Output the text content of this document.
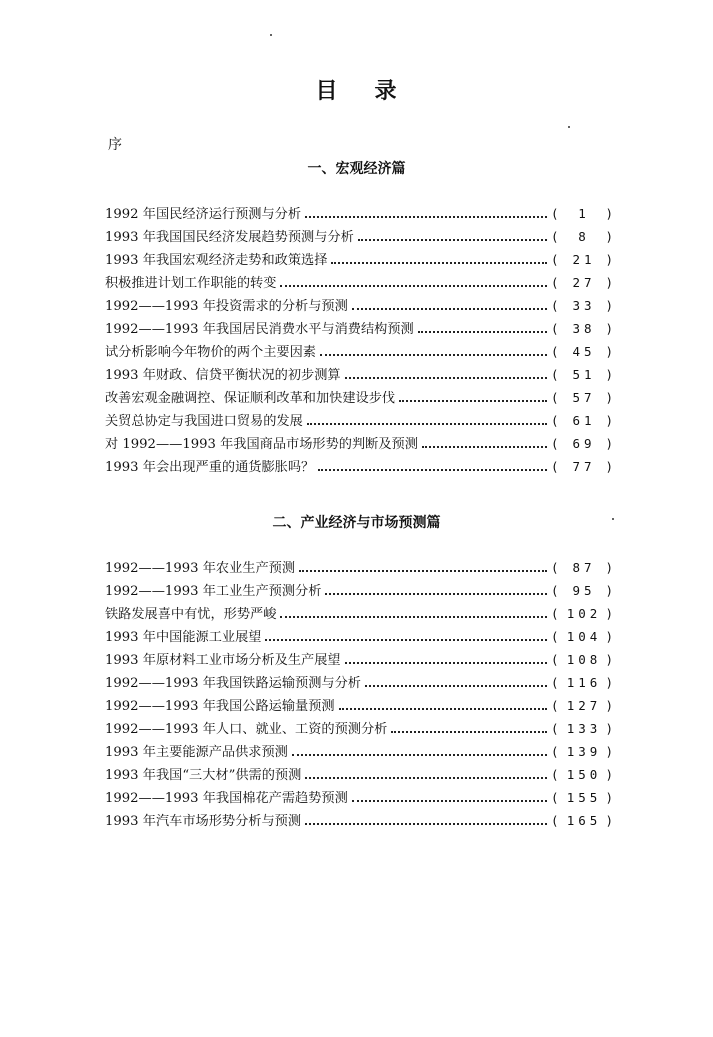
目 录
序
一、宏观经济篇
1992 年国民经济运行预测与分析	(	1 )
1993 年我国国民经济发展趋势预测与分析	(	8 )
1993 年我国宏观经济走势和政策选择	(	21 )
积极推进计划工作职能的转变	(	27 )
1992——1993 年投资需求的分析与预测	(	33 )
1992——1993 年我国居民消费水平与消费结构预测	(	38 )
试分析影响今年物价的两个主要因素	(	45 )
1993 年财政、信贷平衡状况的初步测算	(	51 )
改善宏观金融调控、保证顺利改革和加快建设步伐	(	57 )
关贸总协定与我国进口贸易的发展	(	61 )
对 1992——1993 年我国商品市场形势的判断及预测	(	69 )
1993 年会出现严重的通货膨胀吗？	(	77 )
二、产业经济与市场预测篇
1992——1993 年农业生产预测	(	87 )
1992——1993 年工业生产预测分析	(	95 )
铁路发展喜中有忧，形势严峻	( 102 )
1993 年中国能源工业展望	( 104 )
1993 年原材料工业市场分析及生产展望	( 108 )
1992——1993 年我国铁路运输预测与分析	( 116 )
1992——1993 年我国公路运输量预测	( 127 )
1992——1993 年人口、就业、工资的预测分析	( 133 )
1993 年主要能源产品供求预测	( 139 )
1993 年我国“三大材”供需的预测	( 150 )
1992——1993 年我国棉花产需趋势预测	( 155 )
1993 年汽车市场形势分析与预测	( 165 )
